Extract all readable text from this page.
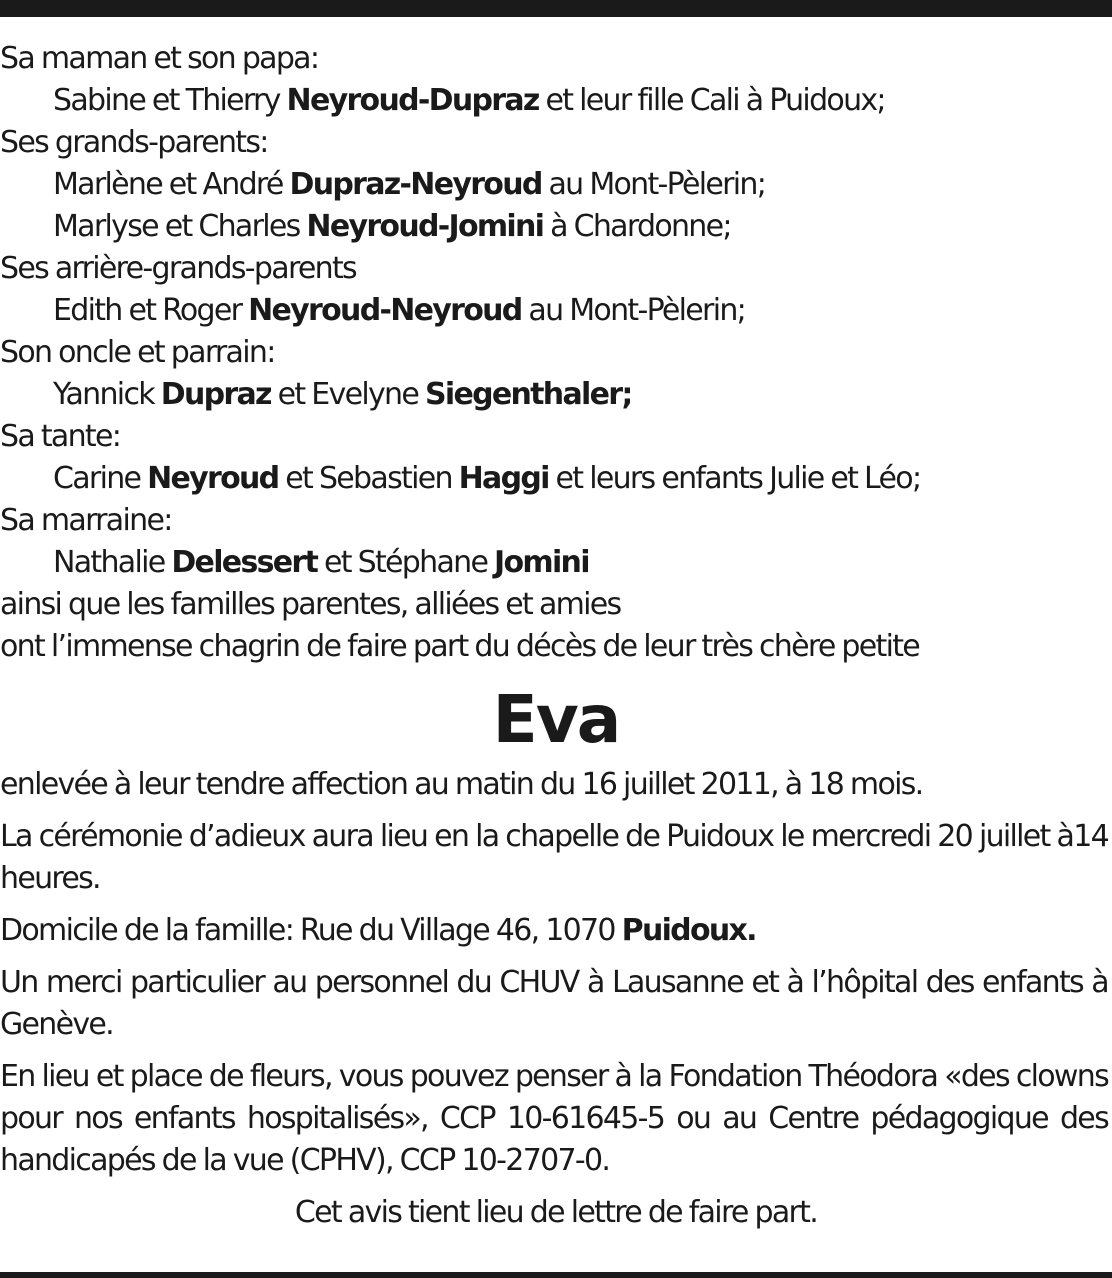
Sa maman et son papa:
Sabine et Thierry Neyroud-Dupraz et leur fille Cali à Puidoux;
Ses grands-parents:
Marlène et André Dupraz-Neyroud au Mont-Pèlerin;
Marlyse et Charles Neyroud-Jomini à Chardonne;
Ses arrière-grands-parents
Edith et Roger Neyroud-Neyroud au Mont-Pèlerin;
Son oncle et parrain:
Yannick Dupraz et Evelyne Siegenthaler;
Sa tante:
Carine Neyroud et Sebastien Haggi et leurs enfants Julie et Léo;
Sa marraine:
Nathalie Delessert et Stéphane Jomini
ainsi que les familles parentes, alliées et amies
ont l’immense chagrin de faire part du décès de leur très chère petite
Eva
enlevée à leur tendre affection au matin du 16 juillet 2011, à 18 mois.
La cérémonie d’adieux aura lieu en la chapelle de Puidoux le mercredi 20 juillet à14 heures.
Domicile de la famille: Rue du Village 46, 1070 Puidoux.
Un merci particulier au personnel du CHUV à Lausanne et à l’hôpital des enfants à Genève.
En lieu et place de fleurs, vous pouvez penser à la Fondation Théodora «des clowns pour nos enfants hospitalisés», CCP 10-61645-5 ou au Centre pédagogique des handicapés de la vue (CPHV), CCP 10-2707-0.
Cet avis tient lieu de lettre de faire part.
